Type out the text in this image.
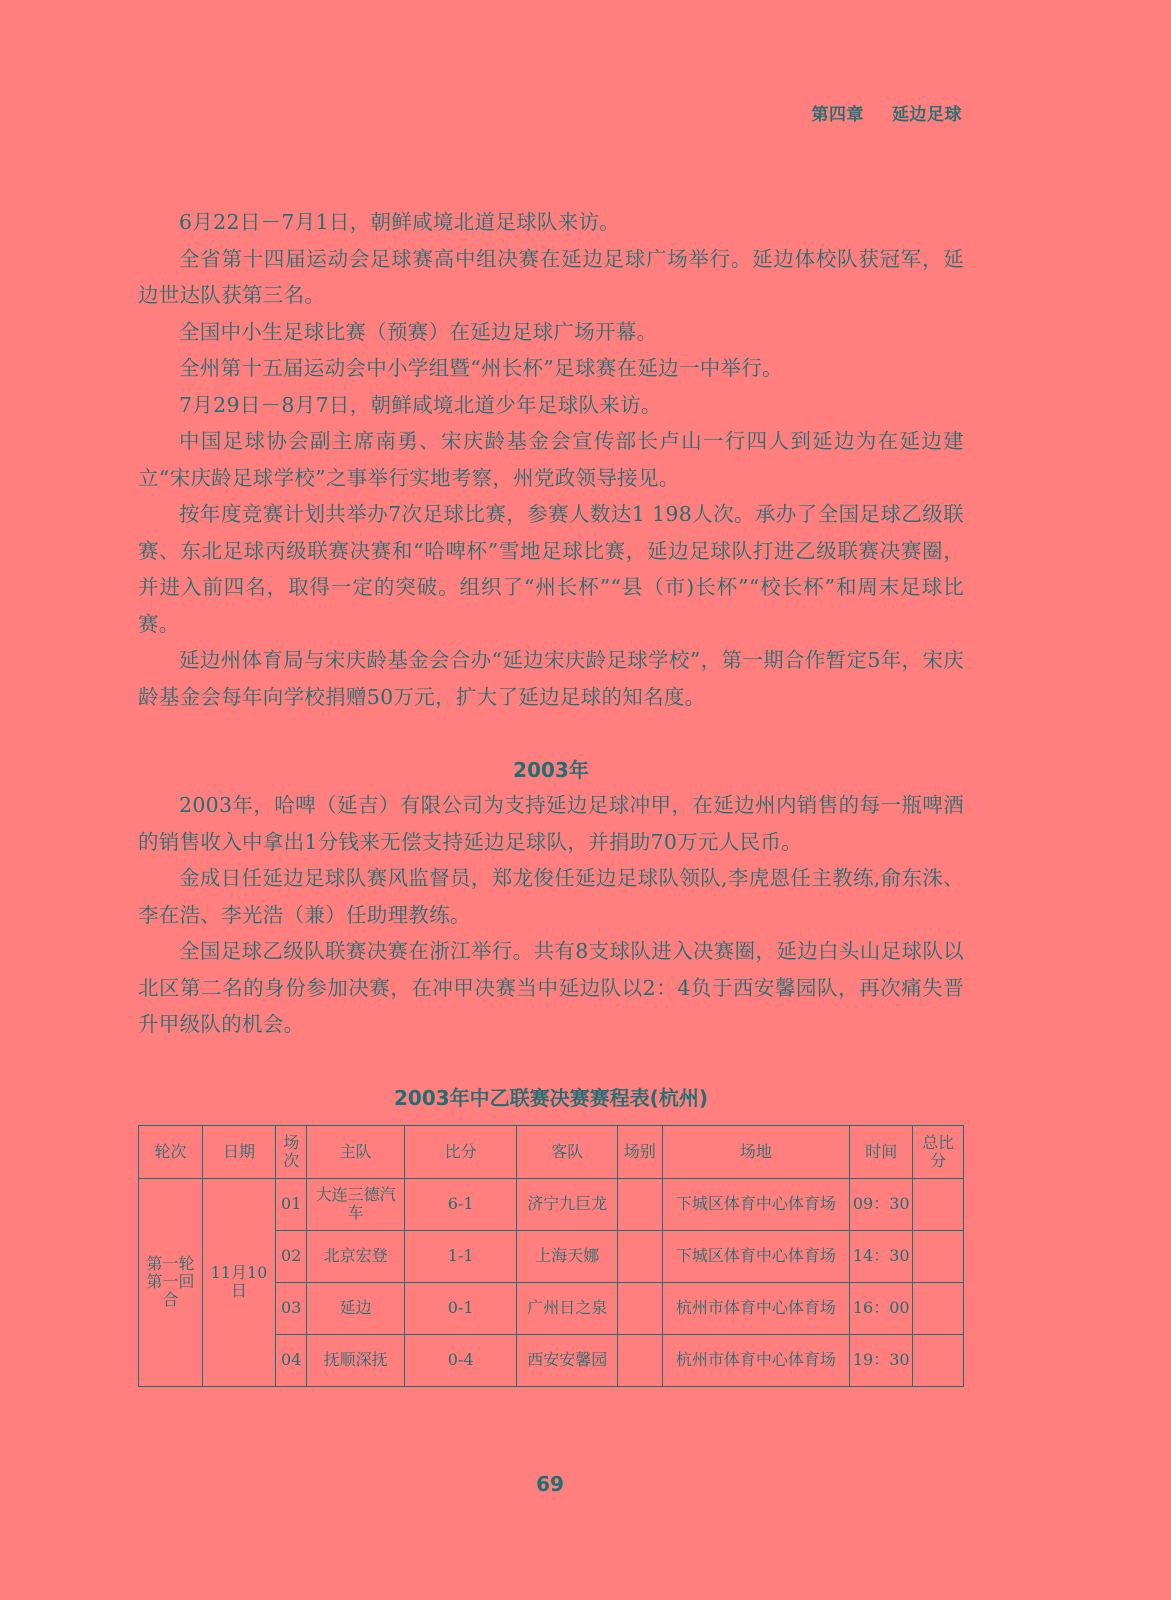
第四章 延边足球

6月22日－7月1日，朝鲜咸境北道足球队来访。

全省第十四届运动会足球赛高中组决赛在延边足球广场举行。延边体校队获冠军，延边世达队获第三名。

全国中小生足球比赛（预赛）在延边足球广场开幕。

全州第十五届运动会中小学组暨“州长杯”足球赛在延边一中举行。

7月29日－8月7日，朝鲜咸境北道少年足球队来访。

中国足球协会副主席南勇、宋庆龄基金会宣传部长卢山一行四人到延边为在延边建立“宋庆龄足球学校”之事举行实地考察，州党政领导接见。

按年度竞赛计划共举办7次足球比赛，参赛人数达1 198人次。承办了全国足球乙级联赛、东北足球丙级联赛决赛和“哈啤杯”雪地足球比赛，延边足球队打进乙级联赛决赛圈，并进入前四名，取得一定的突破。组织了“州长杯”“县（市)长杯”“校长杯”和周末足球比赛。

延边州体育局与宋庆龄基金会合办“延边宋庆龄足球学校”，第一期合作暂定5年，宋庆龄基金会每年向学校捐赠50万元，扩大了延边足球的知名度。

2003年

2003年，哈啤（延吉）有限公司为支持延边足球冲甲，在延边州内销售的每一瓶啤酒的销售收入中拿出1分钱来无偿支持延边足球队，并捐助70万元人民币。

金成日任延边足球队赛风监督员，郑龙俊任延边足球队领队,李虎恩任主教练,俞东洙、李在浩、李光浩（兼）任助理教练。

全国足球乙级队联赛决赛在浙江举行。共有8支球队进入决赛圈，延边白头山足球队以北区第二名的身份参加决赛，在冲甲决赛当中延边队以2：4负于西安馨园队，再次痛失晋升甲级队的机会。

2003年中乙联赛决赛赛程表(杭州)
轮次	日期	场次	主队	比分	客队	场别	场地	时间	总比分
第一轮第一回合	11月10日	01	大连三德汽车	6-1	济宁九巨龙		下城区体育中心体育场	09：30	
		02	北京宏登	1-1	上海天娜		下城区体育中心体育场	14：30	
		03	延边	0-1	广州日之泉		杭州市体育中心体育场	16：00	
		04	抚顺深抚	0-4	西安安馨园		杭州市体育中心体育场	19：30	
69
